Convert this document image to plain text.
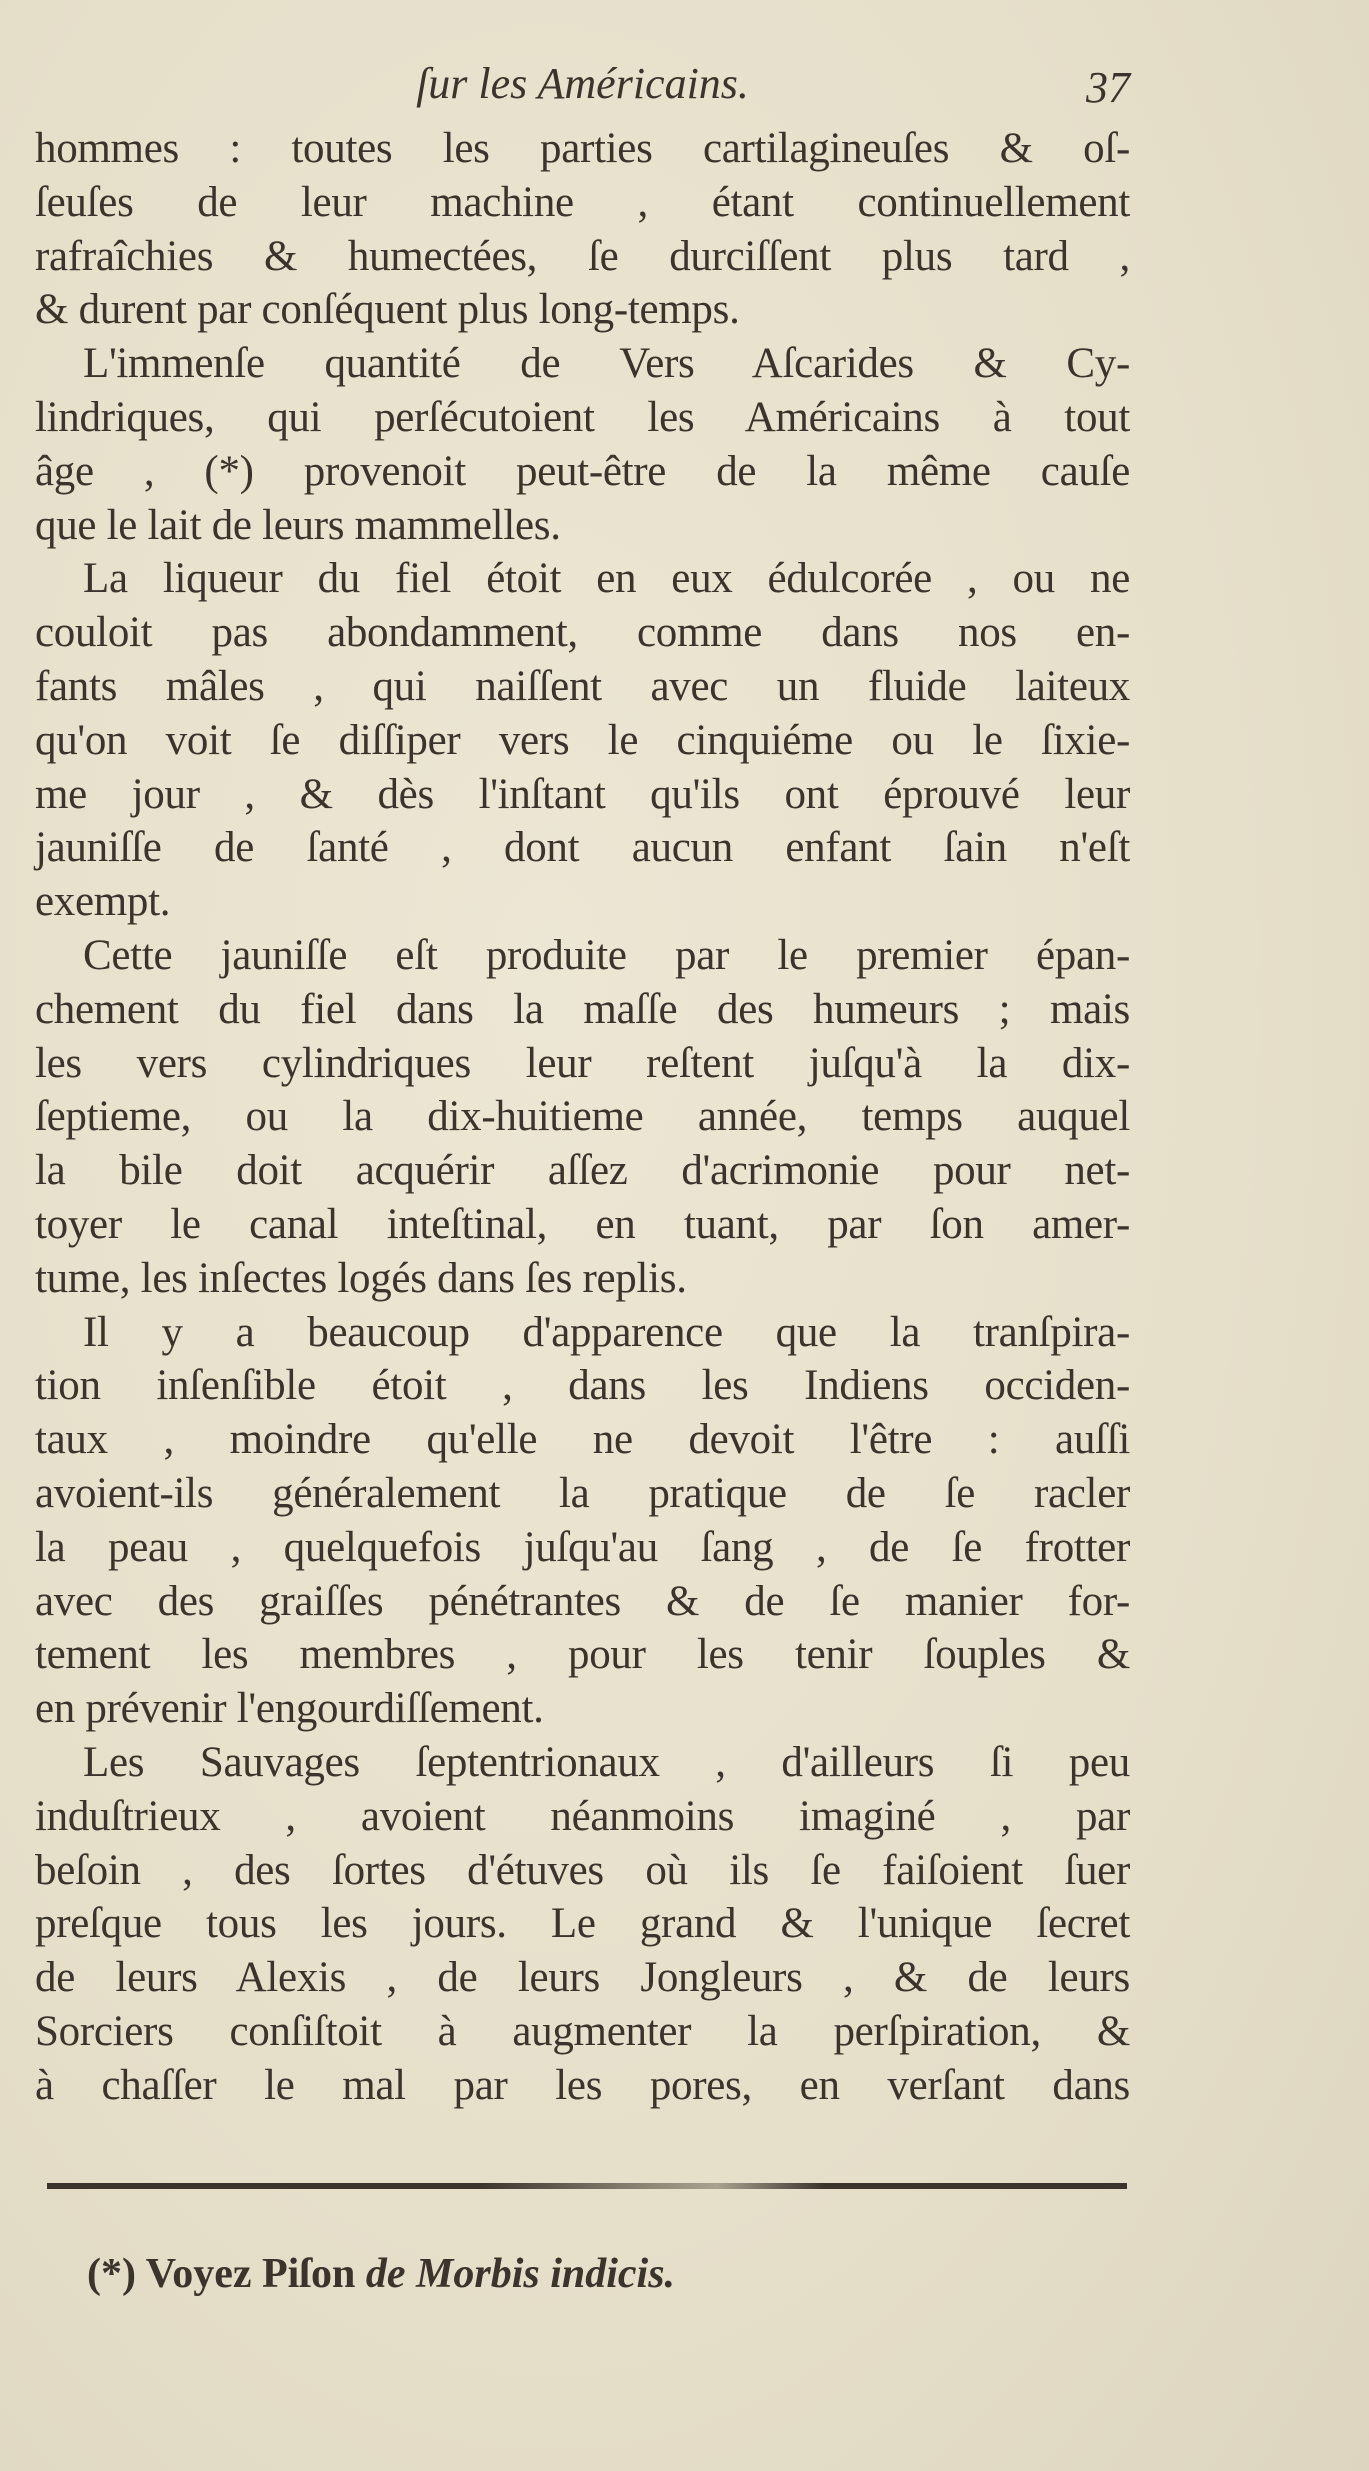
ſur les Américains.	37
hommes : toutes les parties cartilagineuſes & oſ-
ſeuſes de leur machine , étant continuellement
rafraîchies & humectées, ſe durciſſent plus tard ,
& durent par conſéquent plus long-temps.
L'immenſe quantité de Vers Aſcarides & Cy-
lindriques, qui perſécutoient les Américains à tout
âge , (*) provenoit peut-être de la même cauſe
que le lait de leurs mammelles.
La liqueur du fiel étoit en eux édulcorée , ou ne
couloit pas abondamment, comme dans nos en-
fants mâles , qui naiſſent avec un fluide laiteux
qu'on voit ſe diſſiper vers le cinquiéme ou le ſixie-
me jour , & dès l'inſtant qu'ils ont éprouvé leur
jauniſſe de ſanté , dont aucun enfant ſain n'eſt
exempt.
Cette jauniſſe eſt produite par le premier épan-
chement du fiel dans la maſſe des humeurs ; mais
les vers cylindriques leur reſtent juſqu'à la dix-
ſeptieme, ou la dix-huitieme année, temps auquel
la bile doit acquérir aſſez d'acrimonie pour net-
toyer le canal inteſtinal, en tuant, par ſon amer-
tume, les inſectes logés dans ſes replis.
Il y a beaucoup d'apparence que la tranſpira-
tion inſenſible étoit , dans les Indiens occiden-
taux , moindre qu'elle ne devoit l'être : auſſi
avoient-ils généralement la pratique de ſe racler
la peau , quelquefois juſqu'au ſang , de ſe frotter
avec des graiſſes pénétrantes & de ſe manier for-
tement les membres , pour les tenir ſouples &
en prévenir l'engourdiſſement.
Les Sauvages ſeptentrionaux , d'ailleurs ſi peu
induſtrieux , avoient néanmoins imaginé , par
beſoin , des ſortes d'étuves où ils ſe faiſoient ſuer
preſque tous les jours. Le grand & l'unique ſecret
de leurs Alexis , de leurs Jongleurs , & de leurs
Sorciers conſiſtoit à augmenter la perſpiration, &
à chaſſer le mal par les pores, en verſant dans
(*) Voyez Piſon de Morbis indicis.
